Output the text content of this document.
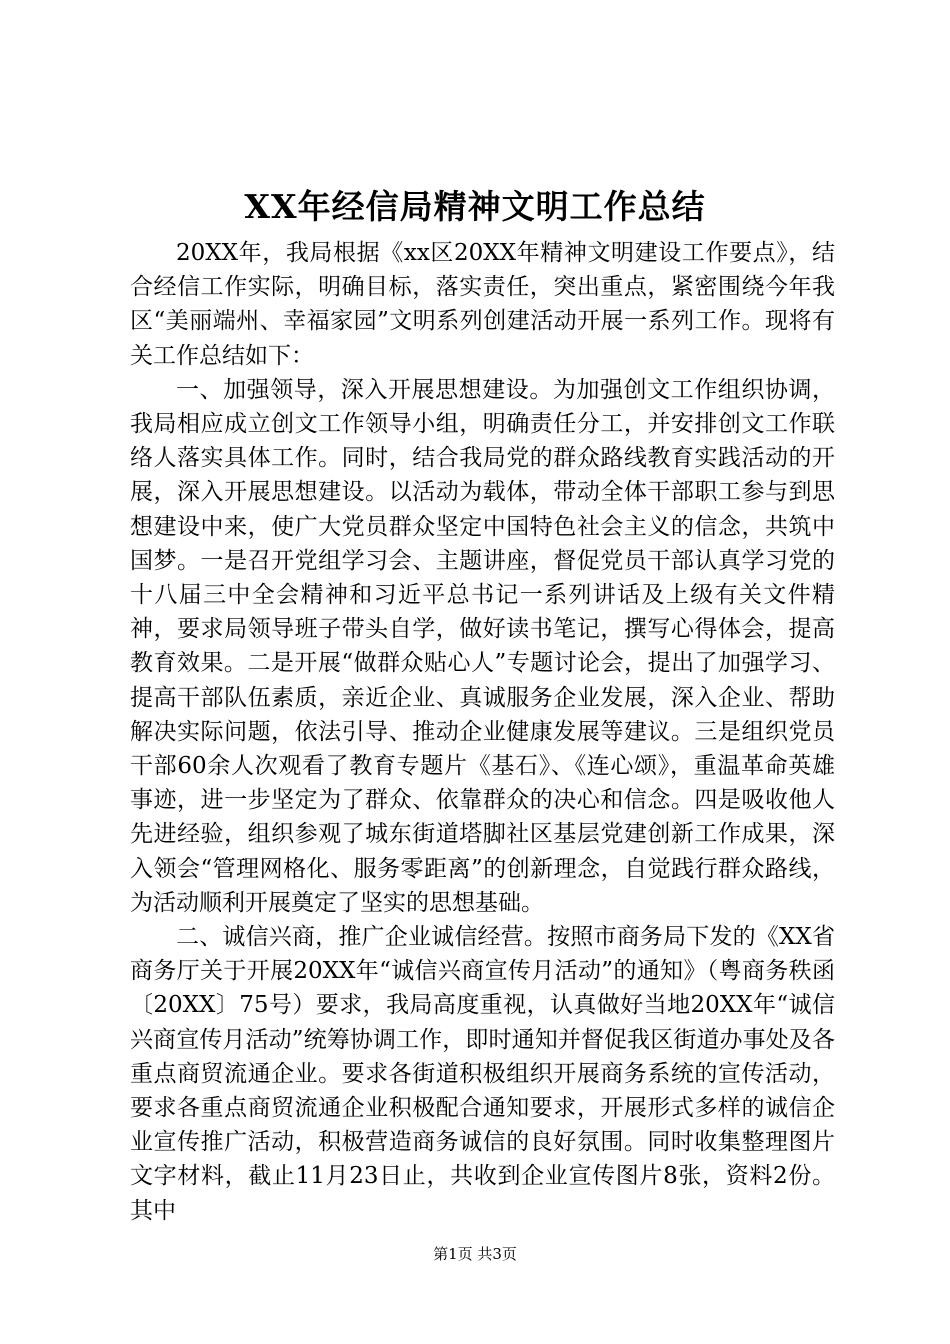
XX年经信局精神文明工作总结

20XX年，我局根据《xx区20XX年精神文明建设工作要点》，结合经信工作实际，明确目标，落实责任，突出重点，紧密围绕今年我区“美丽端州、幸福家园”文明系列创建活动开展一系列工作。现将有关工作总结如下：

一、加强领导，深入开展思想建设。为加强创文工作组织协调，我局相应成立创文工作领导小组，明确责任分工，并安排创文工作联络人落实具体工作。同时，结合我局党的群众路线教育实践活动的开展，深入开展思想建设。以活动为载体，带动全体干部职工参与到思想建设中来，使广大党员群众坚定中国特色社会主义的信念，共筑中国梦。一是召开党组学习会、主题讲座，督促党员干部认真学习党的十八届三中全会精神和习近平总书记一系列讲话及上级有关文件精神，要求局领导班子带头自学，做好读书笔记，撰写心得体会，提高教育效果。二是开展“做群众贴心人”专题讨论会，提出了加强学习、提高干部队伍素质，亲近企业、真诚服务企业发展，深入企业、帮助解决实际问题，依法引导、推动企业健康发展等建议。三是组织党员干部60余人次观看了教育专题片《基石》、《连心颂》，重温革命英雄事迹，进一步坚定为了群众、依靠群众的决心和信念。四是吸收他人先进经验，组织参观了城东街道塔脚社区基层党建创新工作成果，深入领会“管理网格化、服务零距离”的创新理念，自觉践行群众路线，为活动顺利开展奠定了坚实的思想基础。

二、诚信兴商，推广企业诚信经营。按照市商务局下发的《XX省商务厅关于开展20XX年“诚信兴商宣传月活动”的通知》（粤商务秩函〔20XX〕75号）要求，我局高度重视，认真做好当地20XX年“诚信兴商宣传月活动”统筹协调工作，即时通知并督促我区街道办事处及各重点商贸流通企业。要求各街道积极组织开展商务系统的宣传活动，要求各重点商贸流通企业积极配合通知要求，开展形式多样的诚信企业宣传推广活动，积极营造商务诚信的良好氛围。同时收集整理图片文字材料，截止11月23日止，共收到企业宣传图片8张，资料2份。其中

第1页 共3页
